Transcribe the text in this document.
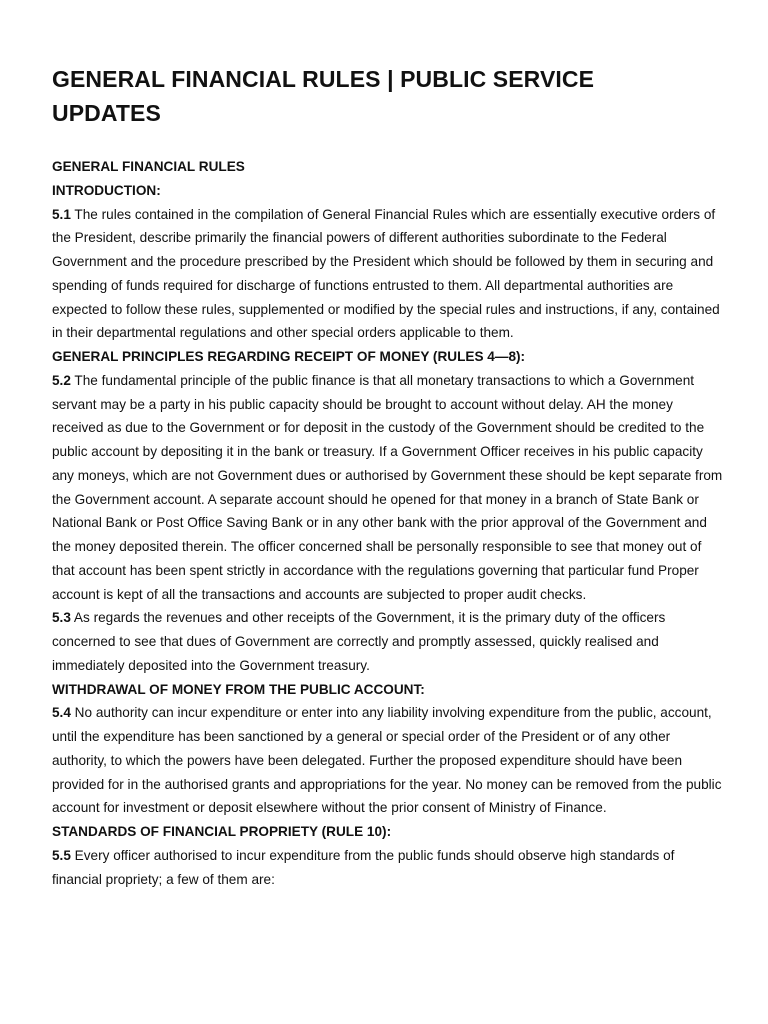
GENERAL FINANCIAL RULES | PUBLIC SERVICE UPDATES

GENERAL FINANCIAL RULES

INTRODUCTION:

5.1 The rules contained in the compilation of General Financial Rules which are essentially executive orders of the President, describe primarily the financial powers of different authorities subordinate to the Federal Government and the procedure prescribed by the President which should be followed by them in securing and spending of funds required for discharge of functions entrusted to them. All departmental authorities are expected to follow these rules, supplemented or modified by the special rules and instructions, if any, contained in their departmental regulations and other special orders applicable to them.

GENERAL PRINCIPLES REGARDING RECEIPT OF MONEY (RULES 4—8):

5.2 The fundamental principle of the public finance is that all monetary transactions to which a Government servant may be a party in his public capacity should be brought to account without delay. AH the money received as due to the Government or for deposit in the custody of the Government should be credited to the public account by depositing it in the bank or treasury. If a Government Officer receives in his public capacity any moneys, which are not Government dues or authorised by Government these should be kept separate from the Government account. A separate account should he opened for that money in a branch of State Bank or National Bank or Post Office Saving Bank or in any other bank with the prior approval of the Government and the money deposited therein. The officer concerned shall be personally responsible to see that money out of that account has been spent strictly in accordance with the regulations governing that particular fund Proper account is kept of all the transactions and accounts are subjected to proper audit checks.

5.3 As regards the revenues and other receipts of the Government, it is the primary duty of the officers concerned to see that dues of Government are correctly and promptly assessed, quickly realised and immediately deposited into the Government treasury.

WITHDRAWAL OF MONEY FROM THE PUBLIC ACCOUNT:

5.4 No authority can incur expenditure or enter into any liability involving expenditure from the public, account, until the expenditure has been sanctioned by a general or special order of the President or of any other authority, to which the powers have been delegated. Further the proposed expenditure should have been provided for in the authorised grants and appropriations for the year. No money can be removed from the public account for investment or deposit elsewhere without the prior consent of Ministry of Finance.

STANDARDS OF FINANCIAL PROPRIETY (RULE 10):

5.5 Every officer authorised to incur expenditure from the public funds should observe high standards of financial propriety; a few of them are:
